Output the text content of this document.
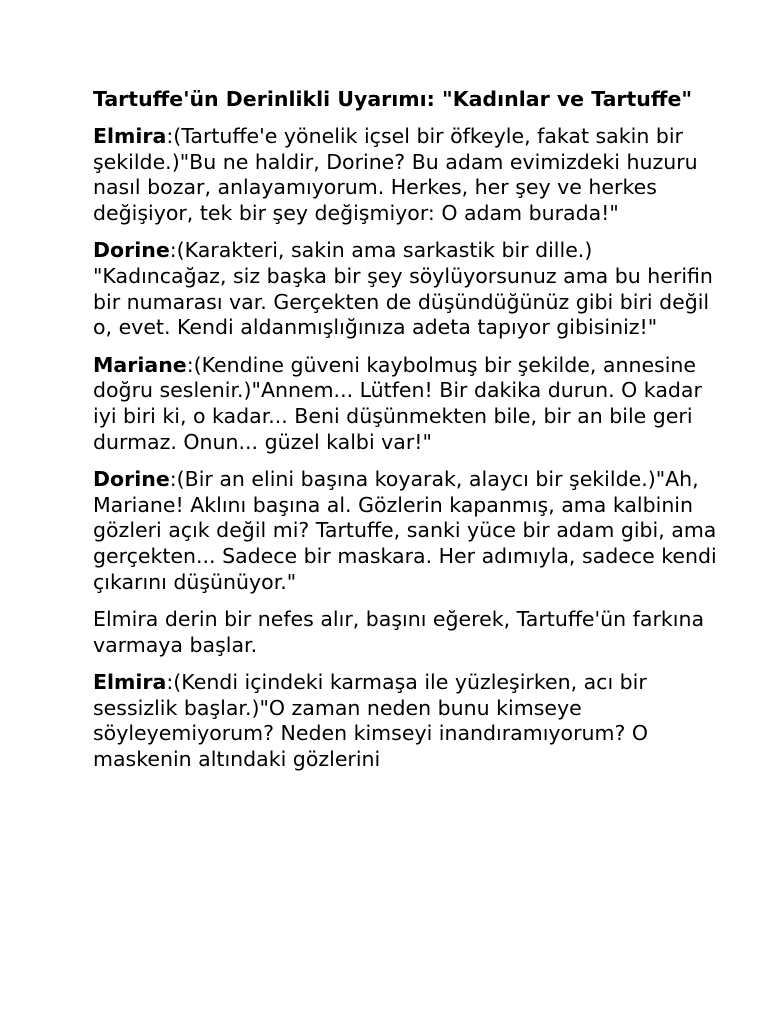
Tartuffe'ün Derinlikli Uyarımı: "Kadınlar ve Tartuffe"

Elmira:(Tartuffe'e yönelik içsel bir öfkeyle, fakat sakin bir şekilde.)"Bu ne haldir, Dorine? Bu adam evimizdeki huzuru nasıl bozar, anlayamıyorum. Herkes, her şey ve herkes değişiyor, tek bir şey değişmiyor: O adam burada!"

Dorine:(Karakteri, sakin ama sarkastik bir dille.) "Kadıncağaz, siz başka bir şey söylüyorsunuz ama bu herifin bir numarası var. Gerçekten de düşündüğünüz gibi biri değil o, evet. Kendi aldanmışlığınıza adeta tapıyor gibisiniz!"

Mariane:(Kendine güveni kaybolmuş bir şekilde, annesine doğru seslenir.)"Annem... Lütfen! Bir dakika durun. O kadar iyi biri ki, o kadar... Beni düşünmekten bile, bir an bile geri durmaz. Onun... güzel kalbi var!"

Dorine:(Bir an elini başına koyarak, alaycı bir şekilde.)"Ah, Mariane! Aklını başına al. Gözlerin kapanmış, ama kalbinin gözleri açık değil mi? Tartuffe, sanki yüce bir adam gibi, ama gerçekten... Sadece bir maskara. Her adımıyla, sadece kendi çıkarını düşünüyor."

Elmira derin bir nefes alır, başını eğerek, Tartuffe'ün farkına varmaya başlar.

Elmira:(Kendi içindeki karmaşa ile yüzleşirken, acı bir sessizlik başlar.)"O zaman neden bunu kimseye söyleyemiyorum? Neden kimseyi inandıramıyorum? O maskenin altındaki gözlerini
